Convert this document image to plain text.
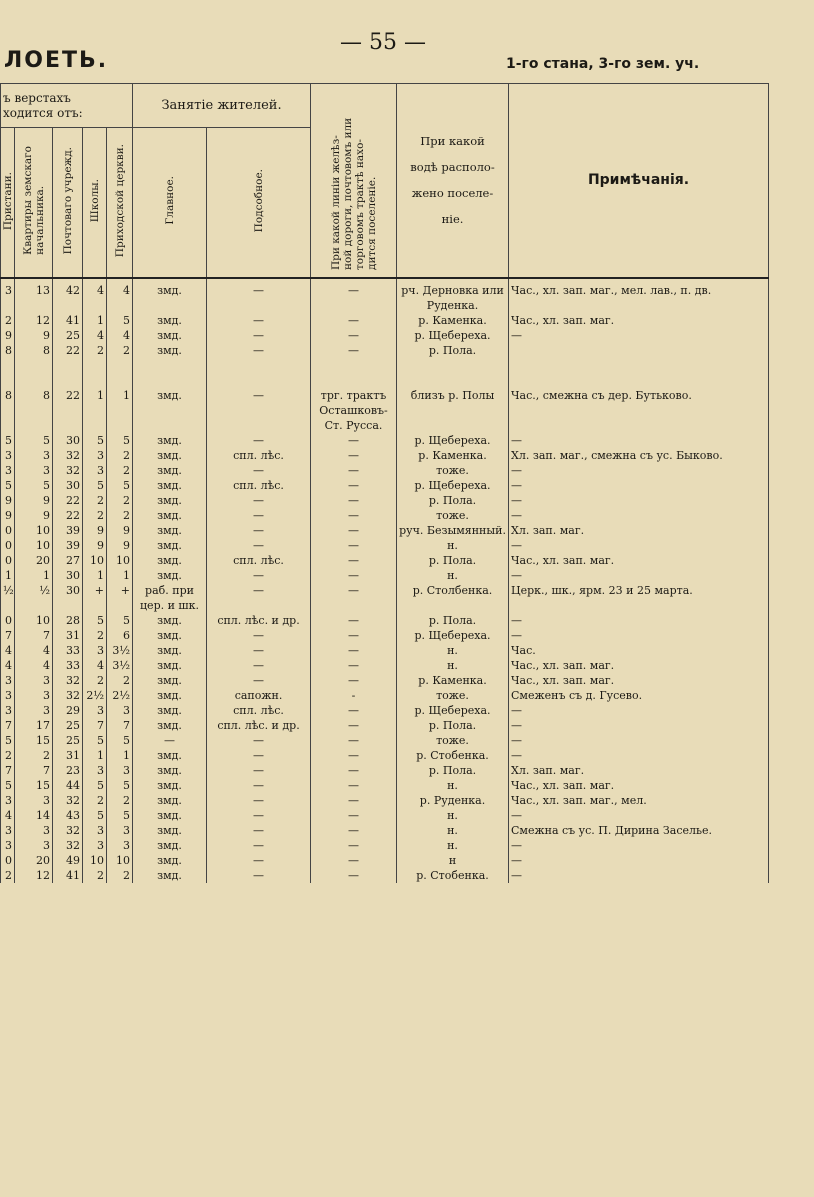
ЛОЕТЬ.
— 55 —
1-го стана, 3-го зем. уч.
ъ верстахъ
ходится отъ:					Занятіе жителей.		При какой линіи желѣз-
ной дороги, почтовомъ или
торговомъ трактѣ нахо-
дится поселеніе.	При какой
водѣ располо-
жено поселе-
ніе.	Примѣчанія.
Пристани.	Квартиры земскаго
начальника.	Почтоваго учрежд.	Школы.	Приходской церкви.	Главное.	Подсобное.			
3	13	42	4	4	змд.	—	—	рч. Дерновка или Руденка.	Час., хл. зап. маг., мел. лав., п. дв.
2	12	41	1	5	змд.	—	—	р. Каменка.	Час., хл. зап. маг.
9	9	25	4	4	змд.	—	—	р. Щебереха.	—
8	8	22	2	2	змд.	—	—	р. Пола.	

8	8	22	1	1	змд.	—	трг. трактъ Осташковъ-Ст. Русса.	близъ р. Полы	Час., смежна съ дер. Бутьково.
5	5	30	5	5	змд.	—	—	р. Щебереха.	—
3	3	32	3	2	змд.	спл. лѣс.	—	р. Каменка.	Хл. зап. маг., смежна съ ус. Быково.
3	3	32	3	2	змд.	—	—	тоже.	—
5	5	30	5	5	змд.	спл. лѣс.	—	р. Щебереха.	—
9	9	22	2	2	змд.	—	—	р. Пола.	—
9	9	22	2	2	змд.	—	—	тоже.	—
0	10	39	9	9	змд.	—	—	руч. Безымянный.	Хл. зап. маг.
0	10	39	9	9	змд.	—	—	н.	—
0	20	27	10	10	змд.	спл. лѣс.	—	р. Пола.	Час., хл. зап. маг.
1	1	30	1	1	змд.	—	—	н.	—
½	½	30	+	+	раб. при цер. и шк.	—	—	р. Столбенка.	Церк., шк., ярм. 23 и 25 марта.
0	10	28	5	5	змд.	спл. лѣс. и др.	—	р. Пола.	—
7	7	31	2	6	змд.	—	—	р. Щебереха.	—
4	4	33	3	3½	змд.	—	—	н.	Час.
4	4	33	4	3½	змд.	—	—	н.	Час., хл. зап. маг.
3	3	32	2	2	змд.	—	—	р. Каменка.	Час., хл. зап. маг.
3	3	32	2½	2½	змд.	сапожн.	-	тоже.	Смеженъ съ д. Гусево.
3	3	29	3	3	змд.	спл. лѣс.	—	р. Щебереха.	—
7	17	25	7	7	змд.	спл. лѣс. и др.	—	р. Пола.	—
5	15	25	5	5	—	—	—	тоже.	—
2	2	31	1	1	змд.	—	—	р. Стобенка.	—
7	7	23	3	3	змд.	—	—	р. Пола.	Хл. зап. маг.
5	15	44	5	5	змд.	—	—	н.	Час., хл. зап. маг.
3	3	32	2	2	змд.	—	—	р. Руденка.	Час., хл. зап. маг., мел.
4	14	43	5	5	змд.	—	—	н.	—
3	3	32	3	3	змд.	—	—	н.	Смежна съ ус. П. Дирина Заселье.
3	3	32	3	3	змд.	—	—	н.	—
0	20	49	10	10	змд.	—	—	н	—
2	12	41	2	2	змд.	—	—	р. Стобенка.	—
